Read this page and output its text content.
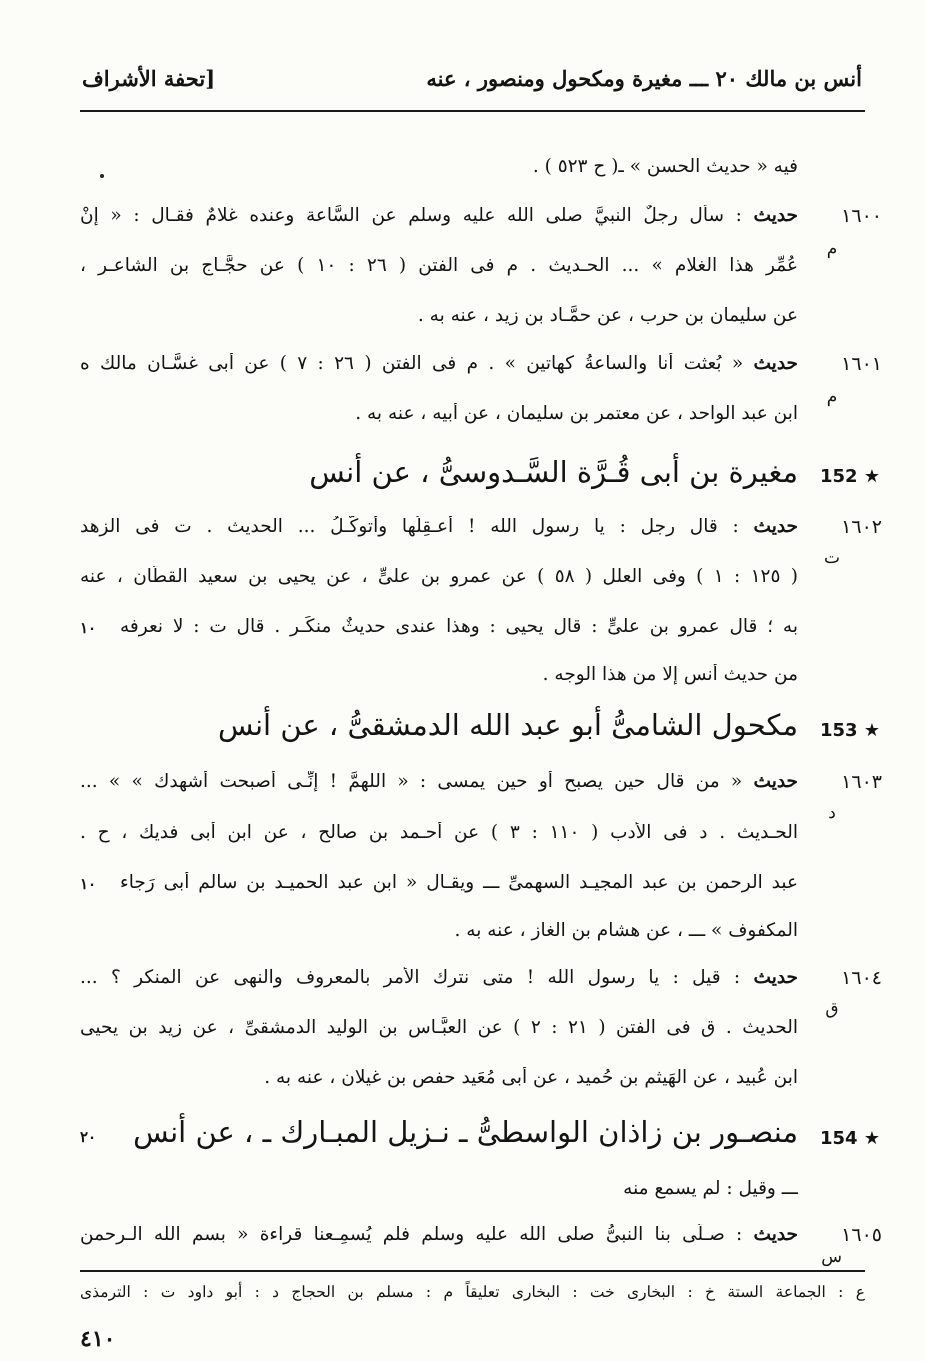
أنس بن مالك ٢٠ ـــ مغيرة ومكحول ومنصور ، عنه
[تحفة الأشراف
فيه « حديث الحسن » ـ( ح ٥٢٣ ) .
١٦٠٠
م
حديث : سأل رجلٌ النبيَّ صلى الله عليه وسلم عن السَّاعة وعنده غلامٌ فقـال : « إنْ
عُمِّر هذا الغلام » ... الحـديث . م فى الفتن ( ٢٦ : ١٠ ) عن حجَّـاج بن الشاعـر ،
عن سليمان بن حرب ، عن حمَّـاد بن زيد ، عنه به .
١٦٠١
م
حديث « بُعثت أنا والساعةُ كهاتين » . م فى الفتن ( ٢٦ : ٧ ) عن أبى غسَّـان مالك ه
ابن عبد الواحد ، عن معتمر بن سليمان ، عن أبيه ، عنه به .
152 ★
مغيرة بن أبى قُـرَّة السَّـدوسىُّ ، عن أنس
١٦٠٢
ت
حديث : قال رجل : يا رسول الله ! أعـقِلُها وأتوكَّـلُ ... الحديث . ت فى الزهد
( ١٢٥ : ١ ) وفى العلل ( ٥٨ ) عن عمرو بن علىٍّ ، عن يحيى بن سعيد القطّان ، عنه
به ؛ قال عمرو بن علىٍّ : قال يحيى : وهذا عندى حديثٌ منكَـر . قال ت : لا نعرفه
١٠
من حديث أنس إلا من هذا الوجه .
153 ★
مكحول الشامىُّ أبو عبد الله الدمشقىُّ ، عن أنس
١٦٠٣
د
حديث « من قال حين يصبح أو حين يمسى : « اللهمَّ ! إنِّـى أصبحت أشهدك » » ...
الحـديث . د فى الأدب ( ١١٠ : ٣ ) عن أحـمد بن صالح ، عن ابن أبى فديك ، ح .
عبد الرحمن بن عبد المجيـد السهمىِّ ـــ ويقـال « ابن عبد الحميـد بن سالم أبى رَجاء
١٠
المكفوف » ـــ ، عن هشام بن الغاز ، عنه به .
١٦٠٤
ق
حديث : قيل : يا رسول الله ! متى نترك الأمر بالمعروف والنهى عن المنكر ؟ ...
الحديث . ق فى الفتن ( ٢١ : ٢ ) عن العبَّـاس بن الوليد الدمشقىِّ ، عن زيد بن يحيى
ابن عُبيد ، عن الهَيثم بن حُميد ، عن أبى مُعَيد حفص بن غيلان ، عنه به .
154 ★
منصـور بن زاذان الواسطىُّ ـ نـزيل المبـارك ـ ، عن أنس
٢٠
ـــ وقيل : لم يسمع منه
١٦٠٥
س
حديث : صـلَّى بنا النبىُّ صلى الله عليه وسلم فلم يُسمِـعنا قراءة « بسم الله الـرحمن
ع : الجماعة الستة خ : البخارى خت : البخارى تعليقاً م : مسلم بن الحجاج د : أبو داود ت : الترمذى
٤١٠
